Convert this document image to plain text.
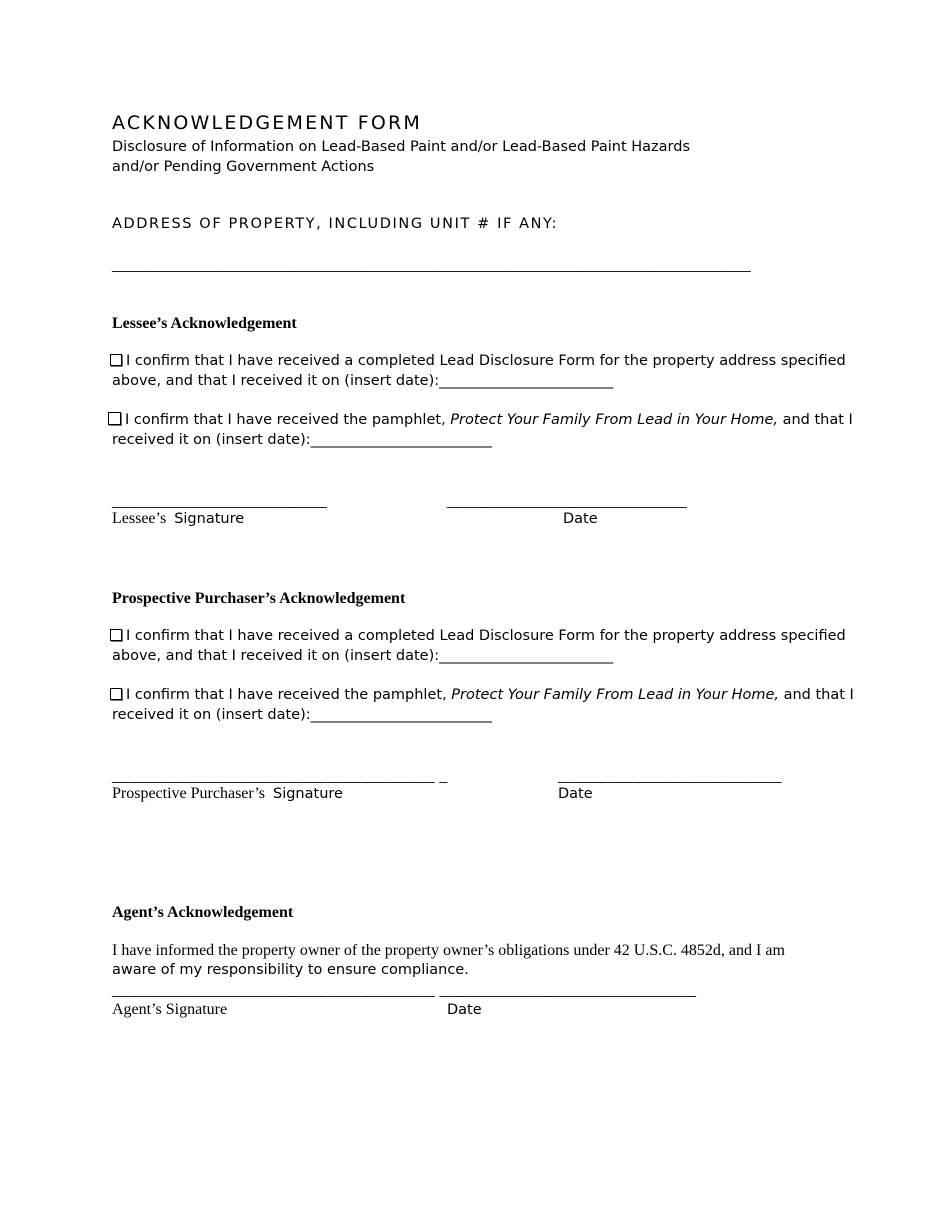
ACKNOWLEDGEMENT FORM
Disclosure of Information on Lead-Based Paint and/or Lead-Based Paint Hazards
and/or Pending Government Actions
ADDRESS OF PROPERTY, INCLUDING UNIT # IF ANY:
________________________________________________________________________________
Lessee’s Acknowledgement
I confirm that I have received a completed Lead Disclosure Form for the property address specified
above, and that I received it on (insert date):________________________
I confirm that I have received the pamphlet, Protect Your Family From Lead in Your Home, and that I
received it on (insert date):_________________________
__________________________	_____________________________
Lessee’s Signature	Date
Prospective Purchaser’s Acknowledgement
I confirm that I have received a completed Lead Disclosure Form for the property address specified
above, and that I received it on (insert date):________________________
I confirm that I have received the pamphlet, Protect Your Family From Lead in Your Home, and that I
received it on (insert date):_________________________
_______________________________________ _	___________________________
Prospective Purchaser’s Signature	Date
Agent’s Acknowledgement
I have informed the property owner of the property owner’s obligations under 42 U.S.C. 4852d, and I am
aware of my responsibility to ensure compliance.
_______________________________________ _______________________________
Agent’s Signature	Date
